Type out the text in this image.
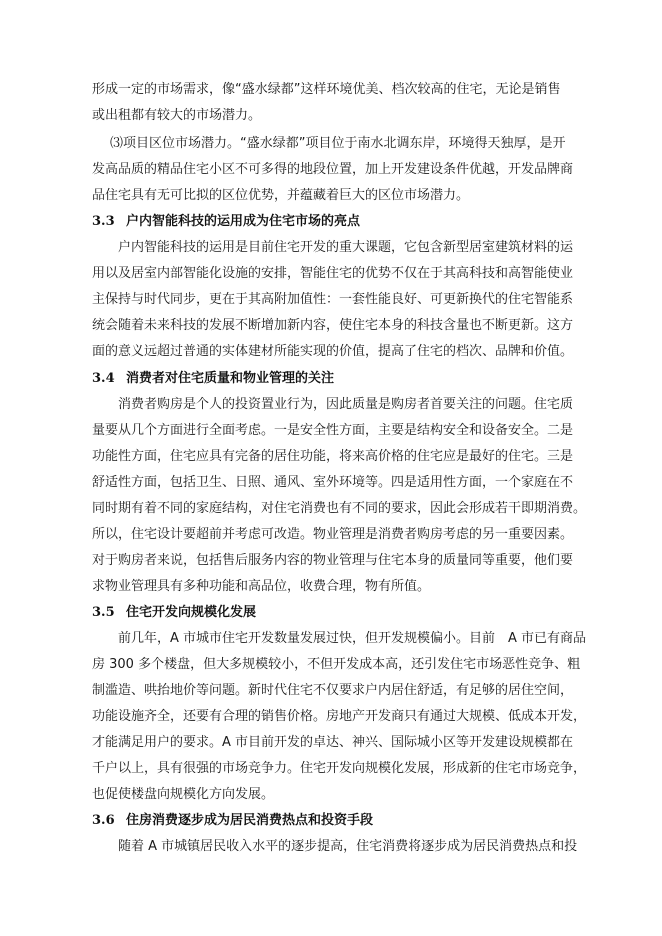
形成一定的市场需求，像“盛水绿都”这样环境优美、档次较高的住宅，无论是销售
或出租都有较大的市场潜力。
⑶项目区位市场潜力。“盛水绿都”项目位于南水北调东岸，环境得天独厚，是开
发高品质的精品住宅小区不可多得的地段位置，加上开发建设条件优越，开发品牌商
品住宅具有无可比拟的区位优势，并蕴藏着巨大的区位市场潜力。
3.3 户内智能科技的运用成为住宅市场的亮点
户内智能科技的运用是目前住宅开发的重大课题，它包含新型居室建筑材料的运
用以及居室内部智能化设施的安排，智能住宅的优势不仅在于其高科技和高智能使业
主保持与时代同步，更在于其高附加值性：一套性能良好、可更新换代的住宅智能系
统会随着未来科技的发展不断增加新内容，使住宅本身的科技含量也不断更新。这方
面的意义远超过普通的实体建材所能实现的价值，提高了住宅的档次、品牌和价值。
3.4 消费者对住宅质量和物业管理的关注
消费者购房是个人的投资置业行为，因此质量是购房者首要关注的问题。住宅质
量要从几个方面进行全面考虑。一是安全性方面，主要是结构安全和设备安全。二是
功能性方面，住宅应具有完备的居住功能，将来高价格的住宅应是最好的住宅。三是
舒适性方面，包括卫生、日照、通风、室外环境等。四是适用性方面，一个家庭在不
同时期有着不同的家庭结构，对住宅消费也有不同的要求，因此会形成若干即期消费。
所以，住宅设计要超前并考虑可改造。物业管理是消费者购房考虑的另一重要因素。
对于购房者来说，包括售后服务内容的物业管理与住宅本身的质量同等重要，他们要
求物业管理具有多种功能和高品位，收费合理，物有所值。
3.5 住宅开发向规模化发展
前几年，A 市城市住宅开发数量发展过快，但开发规模偏小。目前　A 市已有商品
房 300 多个楼盘，但大多规模较小，不但开发成本高，还引发住宅市场恶性竞争、粗
制滥造、哄抬地价等问题。新时代住宅不仅要求户内居住舒适，有足够的居住空间，
功能设施齐全，还要有合理的销售价格。房地产开发商只有通过大规模、低成本开发，
才能满足用户的要求。A 市目前开发的卓达、神兴、国际城小区等开发建设规模都在
千户以上，具有很强的市场竞争力。住宅开发向规模化发展，形成新的住宅市场竞争，
也促使楼盘向规模化方向发展。
3.6 住房消费逐步成为居民消费热点和投资手段
随着 A 市城镇居民收入水平的逐步提高，住宅消费将逐步成为居民消费热点和投
